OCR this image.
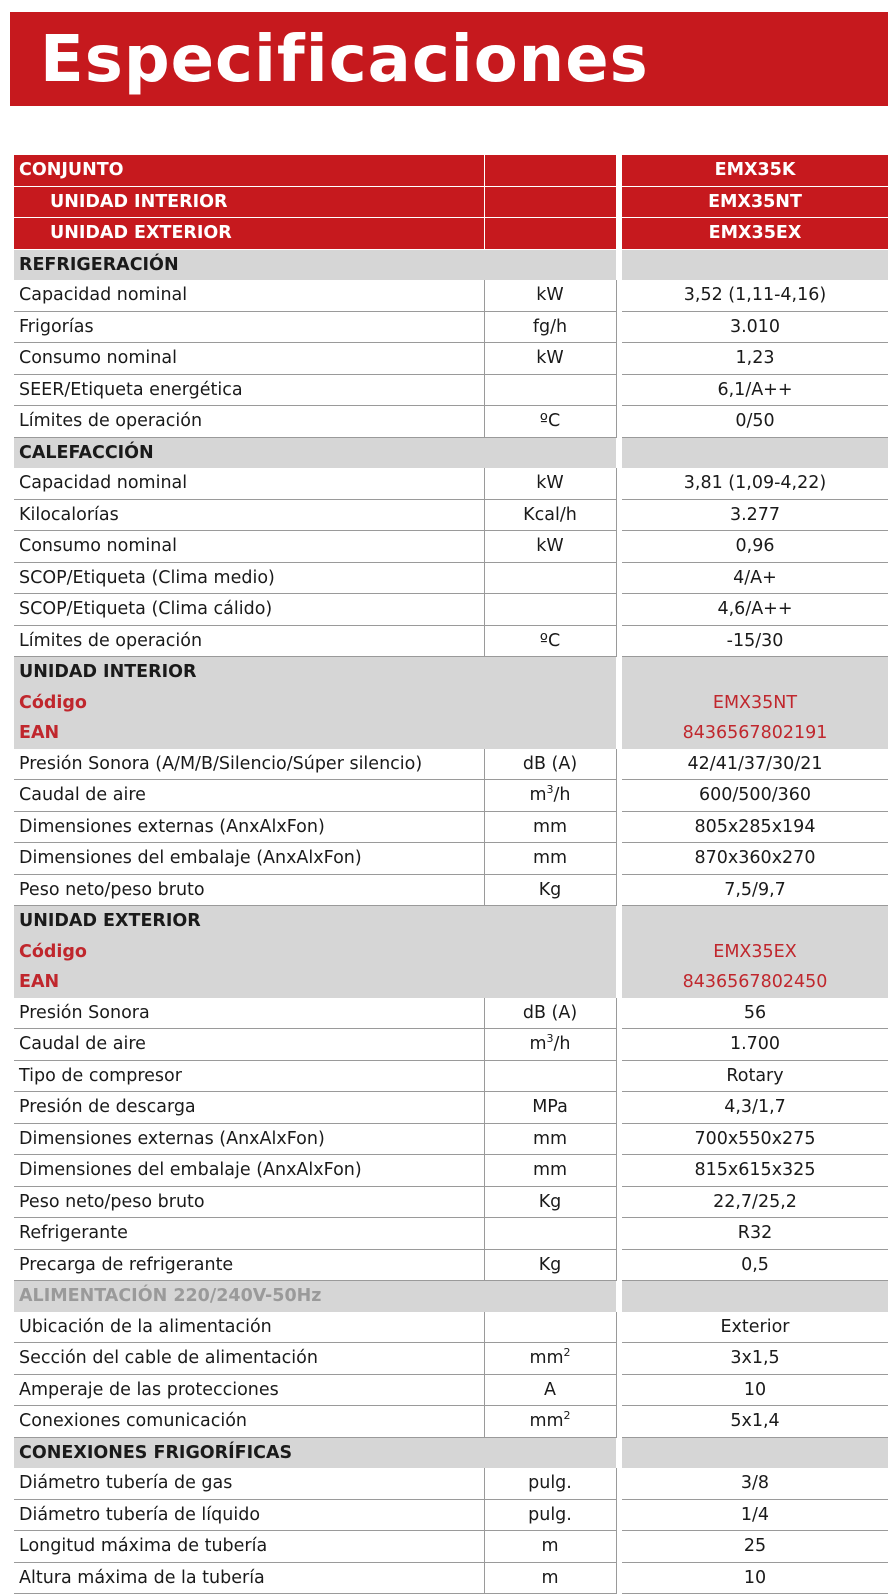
Especificaciones
CONJUNTO			EMX35K
UNIDAD INTERIOR			EMX35NT
UNIDAD EXTERIOR			EMX35EX
REFRIGERACIÓN			
Capacidad nominal	kW		3,52 (1,11-4,16)
Frigorías	fg/h		3.010
Consumo nominal	kW		1,23
SEER/Etiqueta energética			6,1/A++
Límites de operación	ºC		0/50
CALEFACCIÓN			
Capacidad nominal	kW		3,81 (1,09-4,22)
Kilocalorías	Kcal/h		3.277
Consumo nominal	kW		0,96
SCOP/Etiqueta (Clima medio)			4/A+
SCOP/Etiqueta (Clima cálido)			4,6/A++
Límites de operación	ºC		-15/30
UNIDAD INTERIOR			
Código			EMX35NT
EAN			8436567802191
Presión Sonora (A/M/B/Silencio/Súper silencio)	dB (A)		42/41/37/30/21
Caudal de aire	$m^3/h$		600/500/360
Dimensiones externas (AnxAlxFon)	mm		805x285x194
Dimensiones del embalaje (AnxAlxFon)	mm		870x360x270
Peso neto/peso bruto	Kg		7,5/9,7
UNIDAD EXTERIOR			
Código			EMX35EX
EAN			8436567802450
Presión Sonora	dB (A)		56
Caudal de aire	$m^3/h$		1.700
Tipo de compresor			Rotary
Presión de descarga	MPa		4,3/1,7
Dimensiones externas (AnxAlxFon)	mm		700x550x275
Dimensiones del embalaje (AnxAlxFon)	mm		815x615x325
Peso neto/peso bruto	Kg		22,7/25,2
Refrigerante			R32
Precarga de refrigerante	Kg		0,5
ALIMENTACIÓN 220/240V-50Hz			
Ubicación de la alimentación			Exterior
Sección del cable de alimentación	$mm^2$		3x1,5
Amperaje de las protecciones	A		10
Conexiones comunicación	$mm^2$		5x1,4
CONEXIONES FRIGORÍFICAS			
Diámetro tubería de gas	pulg.		3/8
Diámetro tubería de líquido	pulg.		1/4
Longitud máxima de tubería	m		25
Altura máxima de la tubería	m		10
